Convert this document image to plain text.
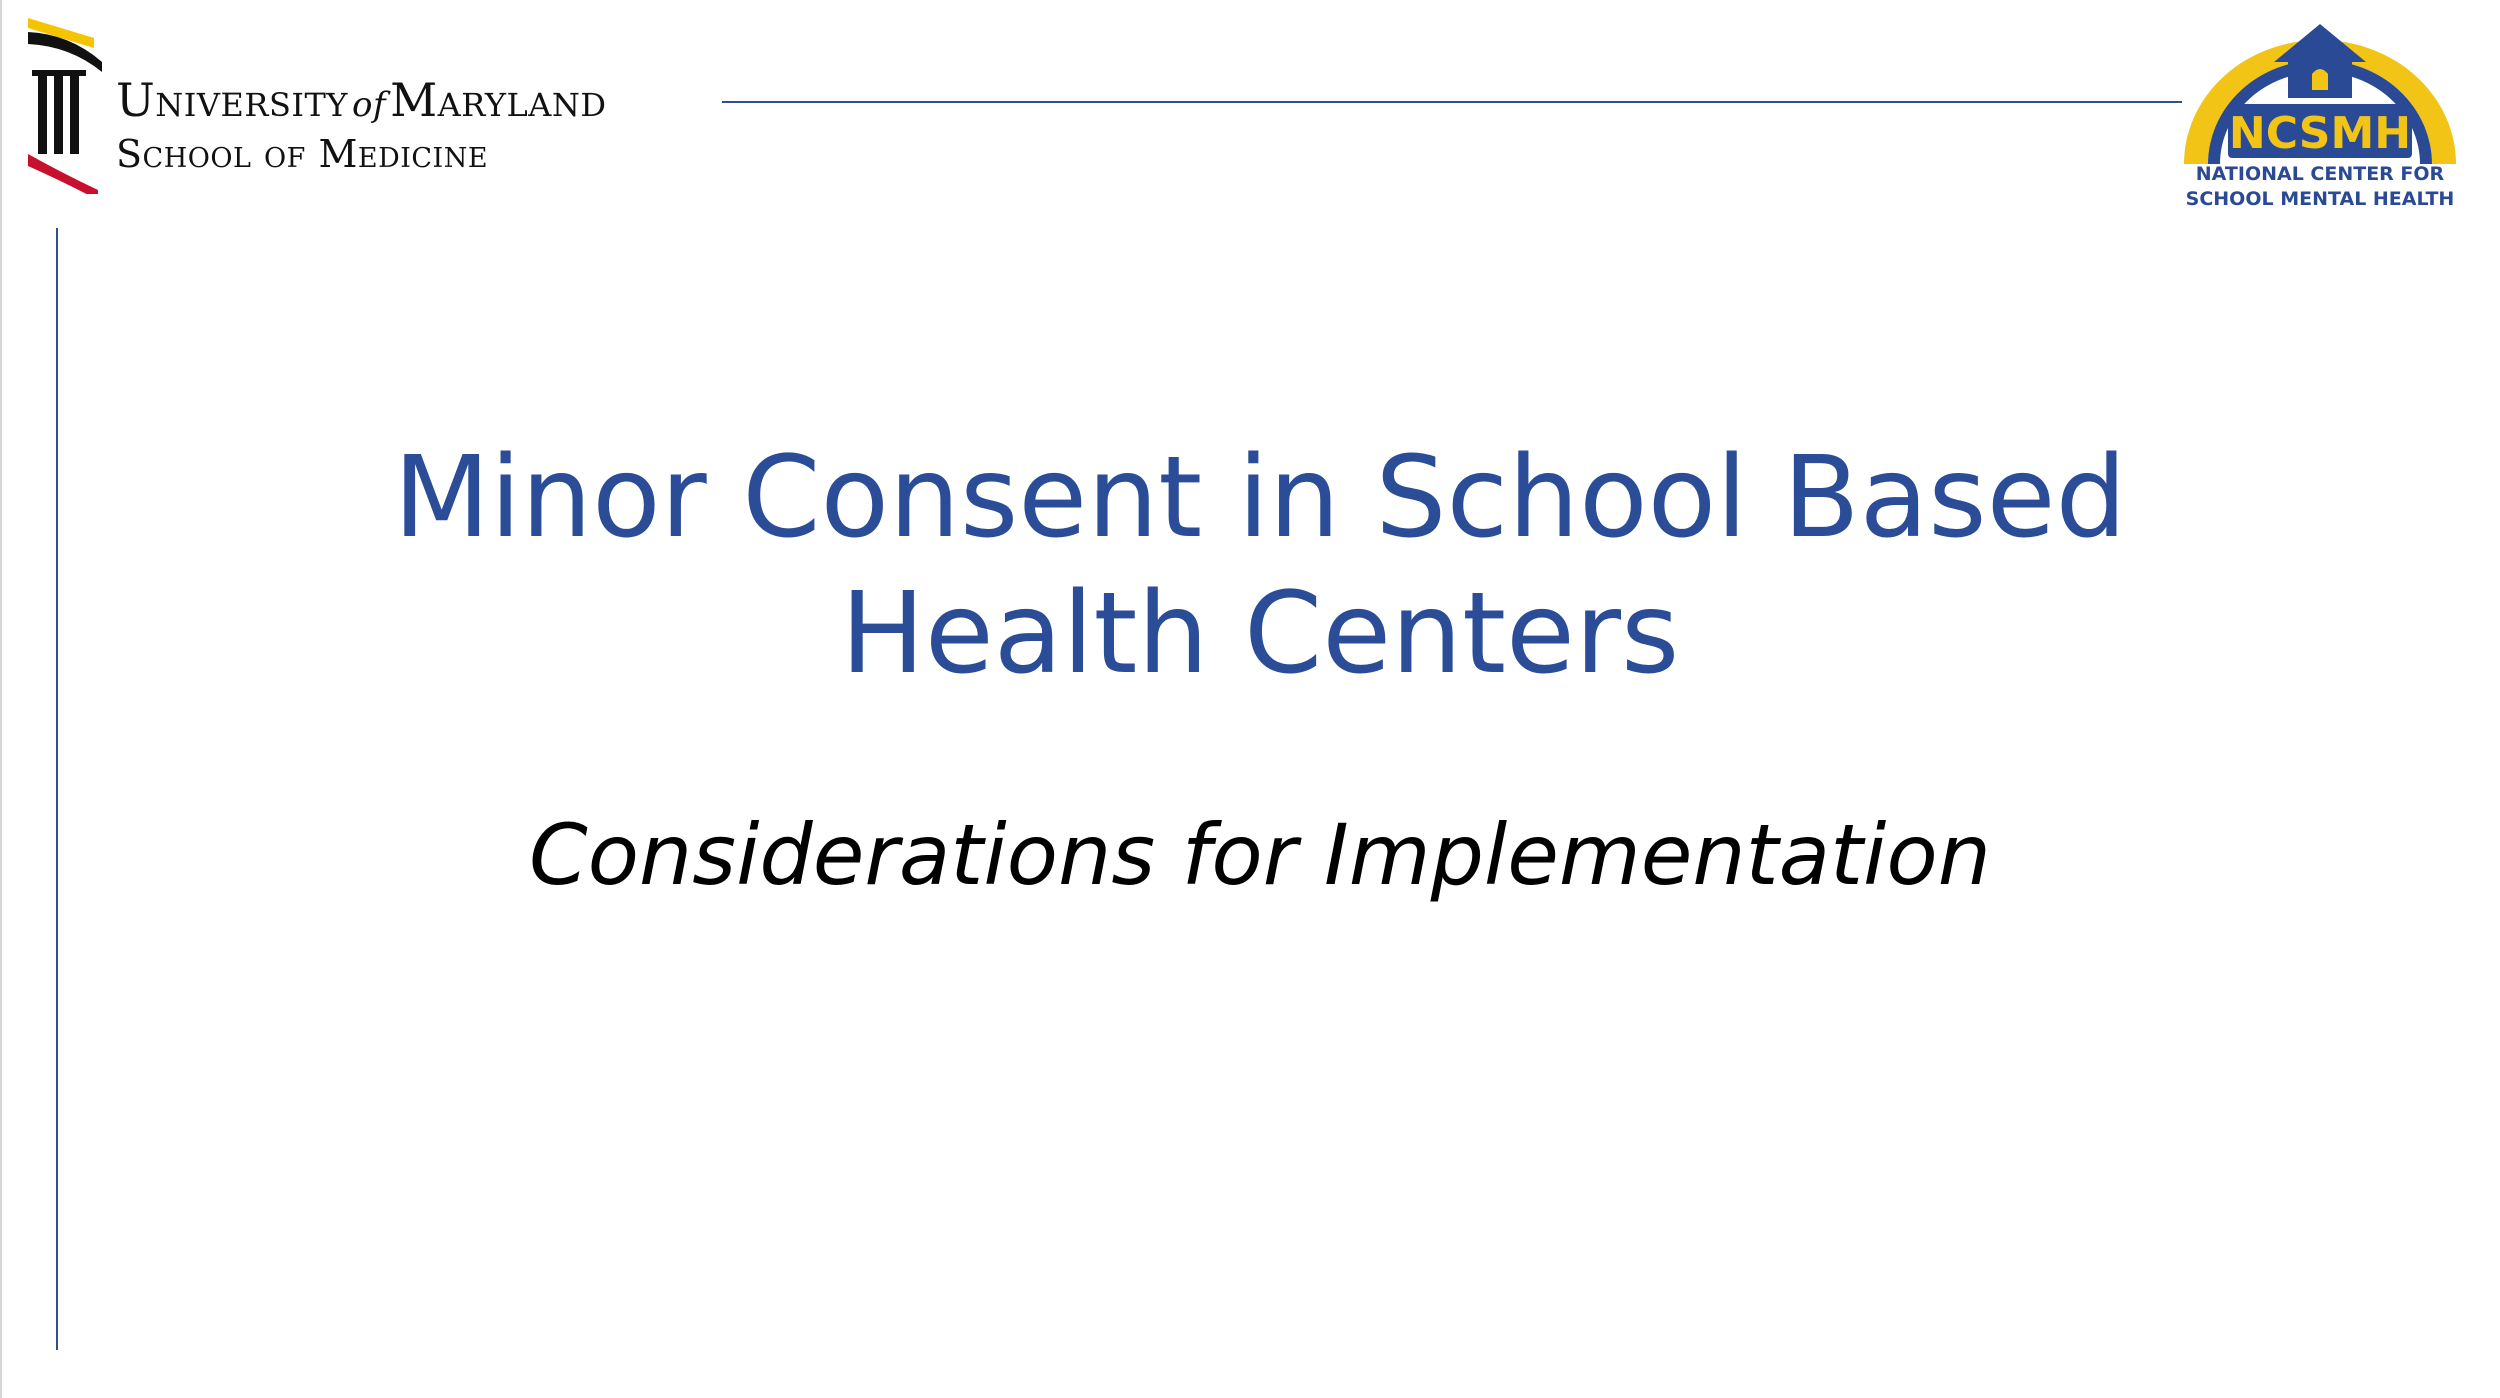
University ofMaryland
School of Medicine	NCSMH
NATIONAL CENTER FOR
SCHOOL MENTAL HEALTH
Minor Consent in School Based
Health Centers
Considerations for Implementation
